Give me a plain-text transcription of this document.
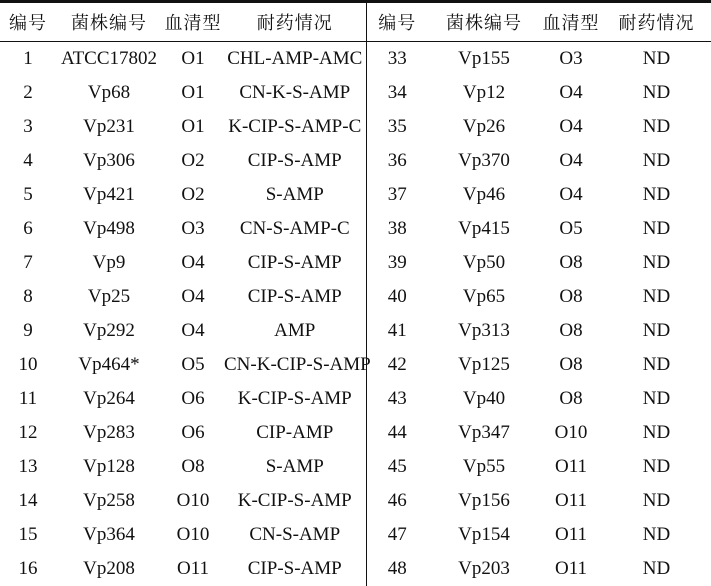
编号	菌株编号	血清型	耐药情况	编号	菌株编号	血清型	耐药情况
1	ATCC17802	O1	CHL-AMP-AMC	33	Vp155	O3	ND
2	Vp68	O1	CN-K-S-AMP	34	Vp12	O4	ND
3	Vp231	O1	K-CIP-S-AMP-C	35	Vp26	O4	ND
4	Vp306	O2	CIP-S-AMP	36	Vp370	O4	ND
5	Vp421	O2	S-AMP	37	Vp46	O4	ND
6	Vp498	O3	CN-S-AMP-C	38	Vp415	O5	ND
7	Vp9	O4	CIP-S-AMP	39	Vp50	O8	ND
8	Vp25	O4	CIP-S-AMP	40	Vp65	O8	ND
9	Vp292	O4	AMP	41	Vp313	O8	ND
10	Vp464*	O5	CN-K-CIP-S-AMP	42	Vp125	O8	ND
11	Vp264	O6	K-CIP-S-AMP	43	Vp40	O8	ND
12	Vp283	O6	CIP-AMP	44	Vp347	O10	ND
13	Vp128	O8	S-AMP	45	Vp55	O11	ND
14	Vp258	O10	K-CIP-S-AMP	46	Vp156	O11	ND
15	Vp364	O10	CN-S-AMP	47	Vp154	O11	ND
16	Vp208	O11	CIP-S-AMP	48	Vp203	O11	ND
